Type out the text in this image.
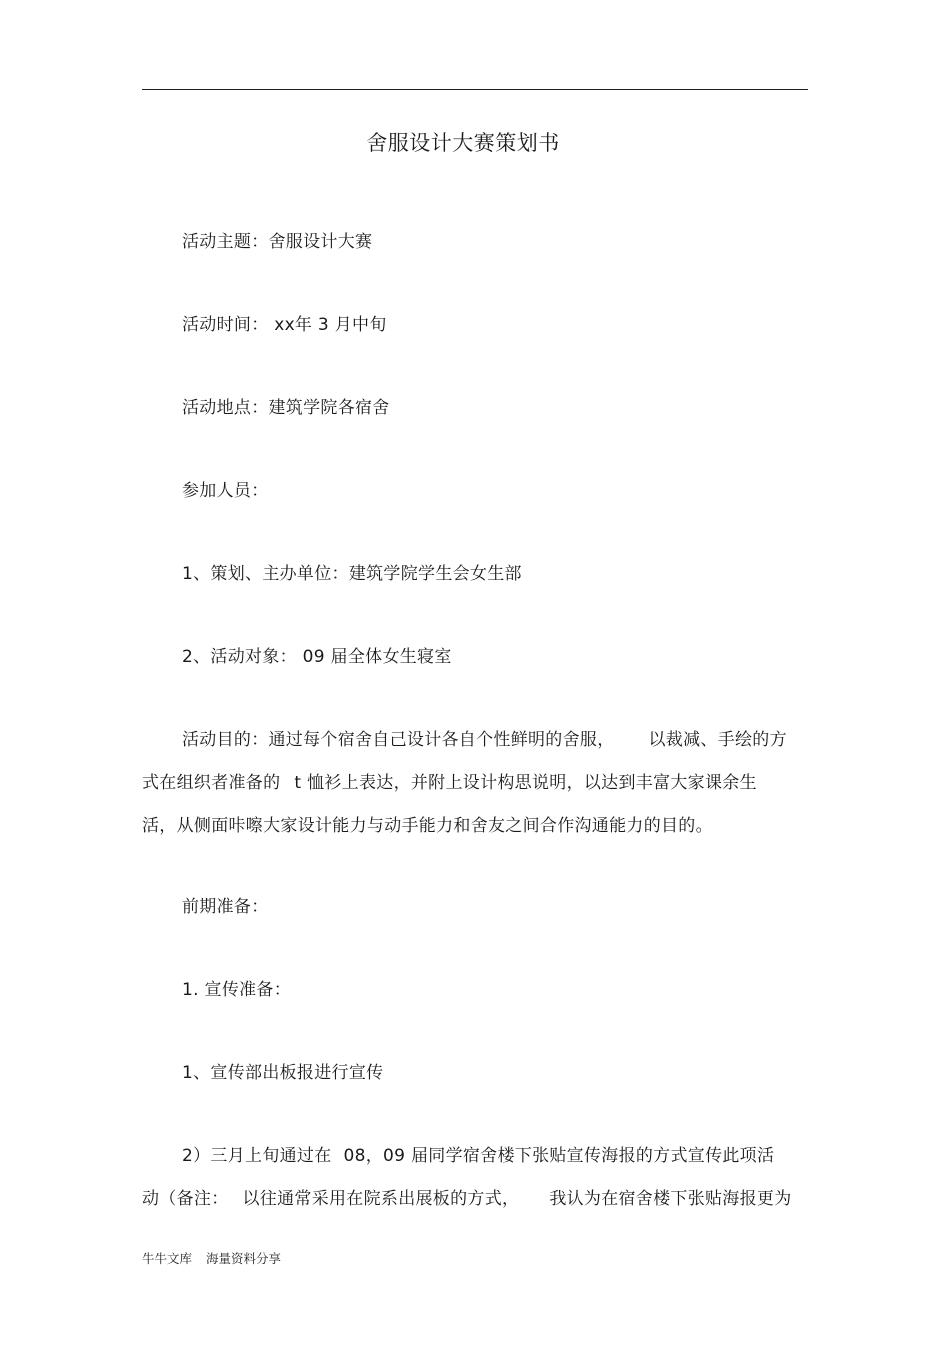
舍服设计大赛策划书
活动主题：舍服设计大赛
活动时间： xx年 3 月中旬
活动地点：建筑学院各宿舍
参加人员：
1、策划、主办单位：建筑学院学生会女生部
2、活动对象： 09 届全体女生寝室
活动目的：通过每个宿舍自己设计各自个性鲜明的舍服， 以裁减、手绘的方
式在组织者准备的 t 恤衫上表达，并附上设计构思说明，以达到丰富大家课余生
活，从侧面咔嚓大家设计能力与动手能力和舍友之间合作沟通能力的目的。
前期准备：
1. 宣传准备：
1、宣传部出板报进行宣传
2）三月上旬通过在 08，09 届同学宿舍楼下张贴宣传海报的方式宣传此项活
动（备注： 以往通常采用在院系出展板的方式， 我认为在宿舍楼下张贴海报更为
牛牛文库 海量资料分享
